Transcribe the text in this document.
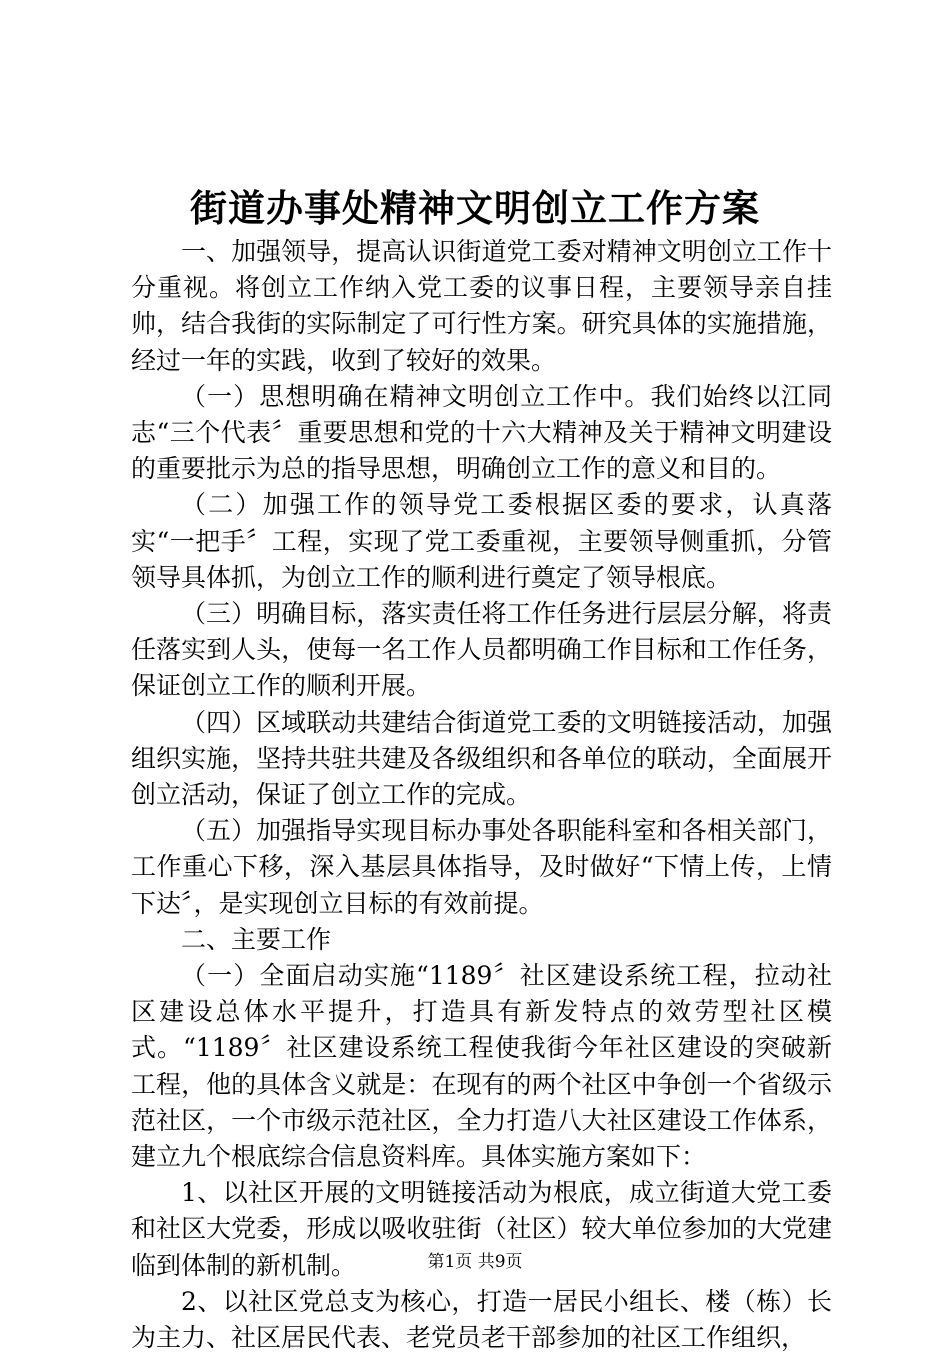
街道办事处精神文明创立工作方案

一、加强领导，提高认识街道党工委对精神文明创立工作十分重视。将创立工作纳入党工委的议事日程，主要领导亲自挂帅，结合我街的实际制定了可行性方案。研究具体的实施措施，经过一年的实践，收到了较好的效果。

（一）思想明确在精神文明创立工作中。我们始终以江同志“三个代表〞重要思想和党的十六大精神及关于精神文明建设的重要批示为总的指导思想，明确创立工作的意义和目的。

（二）加强工作的领导党工委根据区委的要求，认真落实“一把手〞工程，实现了党工委重视，主要领导侧重抓，分管领导具体抓，为创立工作的顺利进行奠定了领导根底。

（三）明确目标，落实责任将工作任务进行层层分解，将责任落实到人头，使每一名工作人员都明确工作目标和工作任务，保证创立工作的顺利开展。

（四）区域联动共建结合街道党工委的文明链接活动，加强组织实施，坚持共驻共建及各级组织和各单位的联动，全面展开创立活动，保证了创立工作的完成。

（五）加强指导实现目标办事处各职能科室和各相关部门，工作重心下移，深入基层具体指导，及时做好“下情上传，上情下达〞，是实现创立目标的有效前提。

二、主要工作

（一）全面启动实施“1189〞社区建设系统工程，拉动社区建设总体水平提升，打造具有新发特点的效劳型社区模式。“1189〞社区建设系统工程使我街今年社区建设的突破新工程，他的具体含义就是：在现有的两个社区中争创一个省级示范社区，一个市级示范社区，全力打造八大社区建设工作体系，建立九个根底综合信息资料库。具体实施方案如下：

1、以社区开展的文明链接活动为根底，成立街道大党工委和社区大党委，形成以吸收驻街（社区）较大单位参加的大党建临到体制的新机制。

2、以社区党总支为核心，打造一居民小组长、楼（栋）长为主力、社区居民代表、老党员老干部参加的社区工作组织，

第1页 共9页
